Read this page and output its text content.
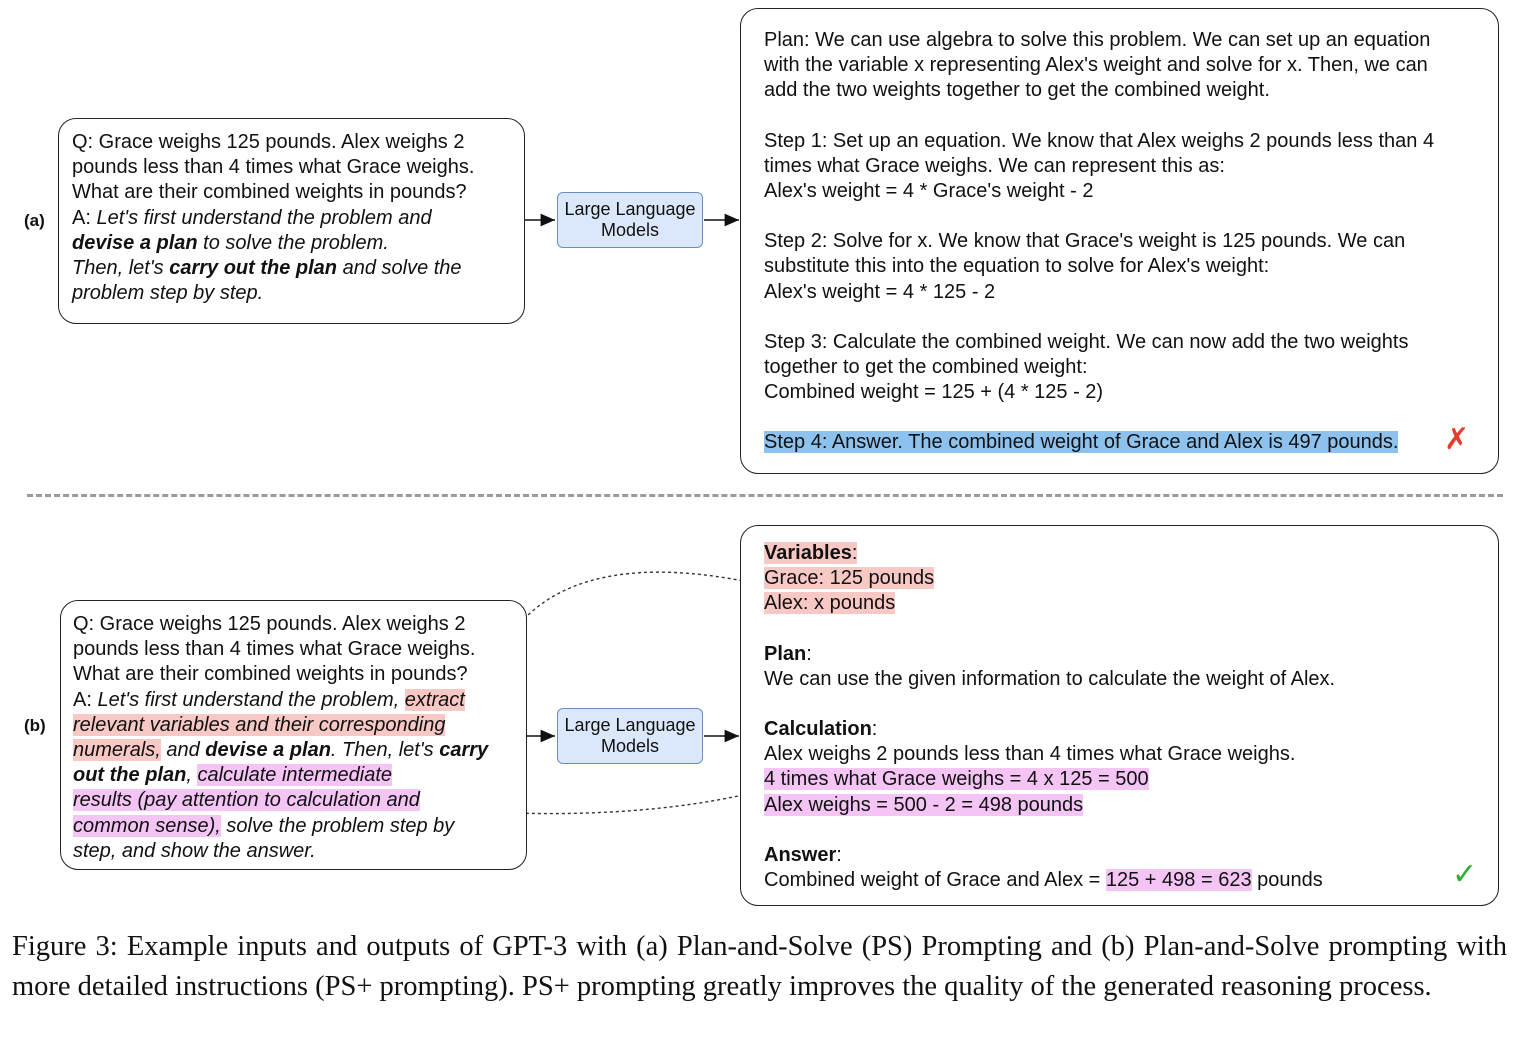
(a)
Q: Grace weighs 125 pounds. Alex weighs 2
pounds less than 4 times what Grace weighs.
What are their combined weights in pounds?
A: Let's first understand the problem and
devise a plan to solve the problem.
Then, let's carry out the plan and solve the
problem step by step.
Large Language Models
Plan: We can use algebra to solve this problem. We can set up an equation
with the variable x representing Alex's weight and solve for x. Then, we can
add the two weights together to get the combined weight.
Step 1: Set up an equation. We know that Alex weighs 2 pounds less than 4
times what Grace weighs. We can represent this as:
Alex's weight = 4 * Grace's weight - 2
Step 2: Solve for x. We know that Grace's weight is 125 pounds. We can
substitute this into the equation to solve for Alex's weight:
Alex's weight = 4 * 125 - 2
Step 3: Calculate the combined weight. We can now add the two weights
together to get the combined weight:
Combined weight = 125 + (4 * 125 - 2)
Step 4: Answer. The combined weight of Grace and Alex is 497 pounds.	✗
(b)
Q: Grace weighs 125 pounds. Alex weighs 2
pounds less than 4 times what Grace weighs.
What are their combined weights in pounds?
A: Let's first understand the problem, extract
relevant variables and their corresponding
numerals, and devise a plan. Then, let's carry
out the plan, calculate intermediate
results (pay attention to calculation and
common sense), solve the problem step by
step, and show the answer.
Large Language Models
Variables:
Grace: 125 pounds
Alex: x pounds
Plan:
We can use the given information to calculate the weight of Alex.
Calculation:
Alex weighs 2 pounds less than 4 times what Grace weighs.
4 times what Grace weighs = 4 x 125 = 500
Alex weighs = 500 - 2 = 498 pounds
Answer:
Combined weight of Grace and Alex = 125 + 498 = 623 pounds	✓
Figure 3: Example inputs and outputs of GPT-3 with (a) Plan-and-Solve (PS) Prompting and (b) Plan-and-Solve prompting with more detailed instructions (PS+ prompting). PS+ prompting greatly improves the quality of the generated reasoning process.
